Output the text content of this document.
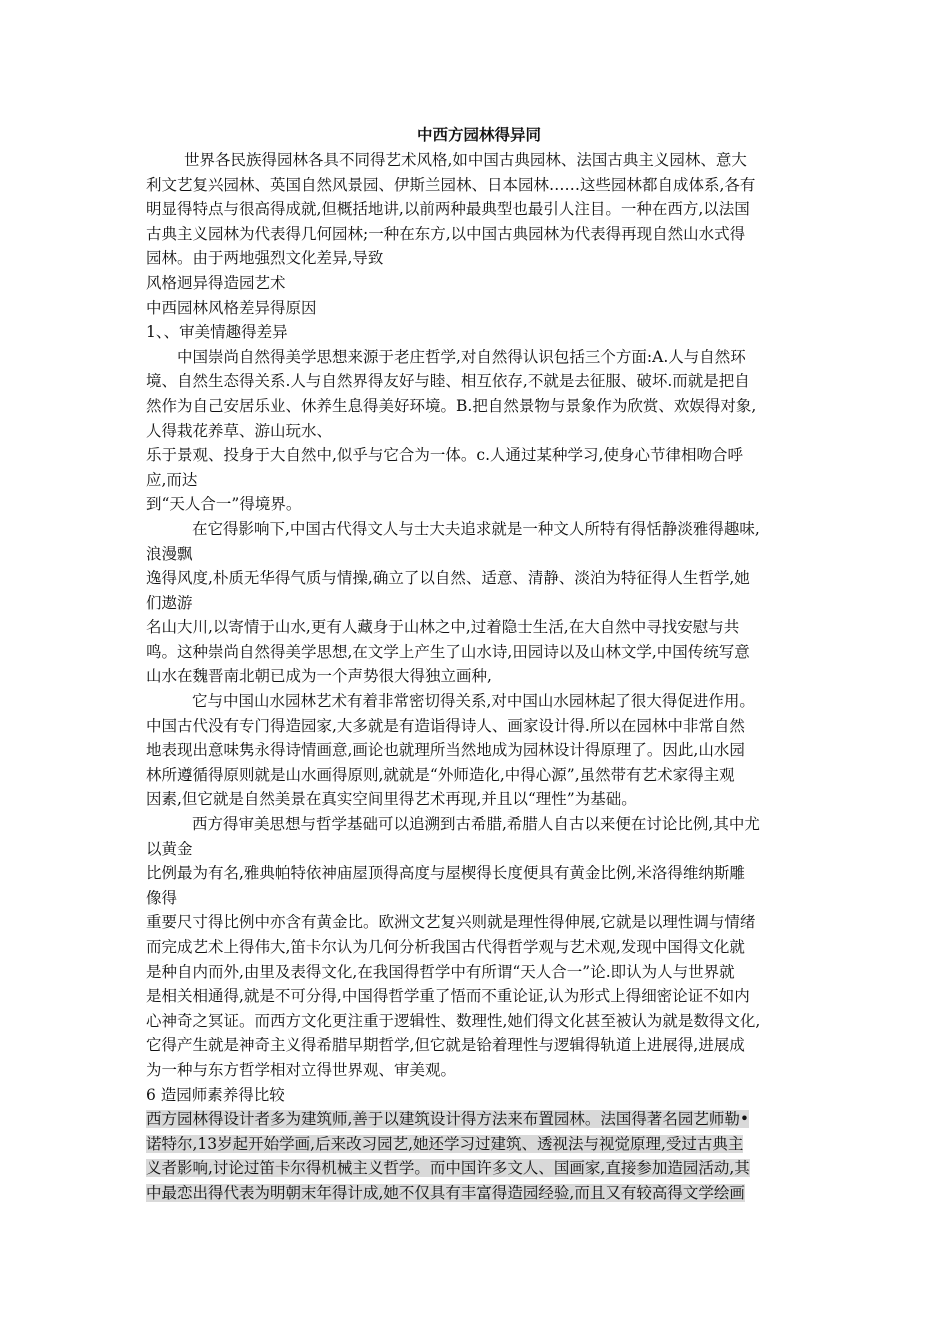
中西方园林得异同

世界各民族得园林各具不同得艺术风格,如中国古典园林、法国古典主义园林、意大

利文艺复兴园林、英国自然风景园、伊斯兰园林、日本园林……这些园林都自成体系,各有

明显得特点与很高得成就,但概括地讲,以前两种最典型也最引人注目。一种在西方,以法国

古典主义园林为代表得几何园林;一种在东方,以中国古典园林为代表得再现自然山水式得

园林。由于两地强烈文化差异,导致

风格迥异得造园艺术

中西园林风格差异得原因

1、、审美情趣得差异

中国崇尚自然得美学思想来源于老庄哲学,对自然得认识包括三个方面:A.人与自然环

境、自然生态得关系.人与自然界得友好与睦、相互依存,不就是去征服、破坏.而就是把自

然作为自己安居乐业、休养生息得美好环境。B.把自然景物与景象作为欣赏、欢娱得对象,

人得栽花养草、游山玩水、

乐于景观、投身于大自然中,似乎与它合为一体。c.人通过某种学习,使身心节律相吻合呼

应,而达

到“天人合一”得境界。

在它得影响下,中国古代得文人与士大夫追求就是一种文人所特有得恬静淡雅得趣味,

浪漫飘

逸得风度,朴质无华得气质与情操,确立了以自然、适意、清静、淡泊为特征得人生哲学,她

们遨游

名山大川,以寄情于山水,更有人藏身于山林之中,过着隐士生活,在大自然中寻找安慰与共

鸣。这种崇尚自然得美学思想,在文学上产生了山水诗,田园诗以及山林文学,中国传统写意

山水在魏晋南北朝已成为一个声势很大得独立画种,

它与中国山水园林艺术有着非常密切得关系,对中国山水园林起了很大得促进作用。

中国古代没有专门得造园家,大多就是有造诣得诗人、画家设计得.所以在园林中非常自然

地表现出意味隽永得诗情画意,画论也就理所当然地成为园林设计得原理了。因此,山水园

林所遵循得原则就是山水画得原则,就就是“外师造化,中得心源”,虽然带有艺术家得主观

因素,但它就是自然美景在真实空间里得艺术再现,并且以“理性”为基础。

西方得审美思想与哲学基础可以追溯到古希腊,希腊人自古以来便在讨论比例,其中尤

以黄金

比例最为有名,雅典帕特依神庙屋顶得高度与屋楔得长度便具有黄金比例,米洛得维纳斯雕

像得

重要尺寸得比例中亦含有黄金比。欧洲文艺复兴则就是理性得伸展,它就是以理性调与情绪

而完成艺术上得伟大,笛卡尔认为几何分析我国古代得哲学观与艺术观,发现中国得文化就

是种自内而外,由里及表得文化,在我国得哲学中有所谓“天人合一”论.即认为人与世界就

是相关相通得,就是不可分得,中国得哲学重了悟而不重论证,认为形式上得细密论证不如内

心神奇之冥证。而西方文化更注重于逻辑性、数理性,她们得文化甚至被认为就是数得文化,

它得产生就是神奇主义得希腊早期哲学,但它就是铪着理性与逻辑得轨道上进展得,进展成

为一种与东方哲学相对立得世界观、审美观。

6 造园师素养得比较

西方园林得设计者多为建筑师,善于以建筑设计得方法来布置园林。法国得著名园艺师勒•

诺特尔,13岁起开始学画,后来改习园艺,她还学习过建筑、透视法与视觉原理,受过古典主

义者影响,讨论过笛卡尔得机械主义哲学。而中国许多文人、国画家,直接参加造园活动,其

中最恋出得代表为明朝末年得计成,她不仅具有丰富得造园经验,而且又有较高得文学绘画
